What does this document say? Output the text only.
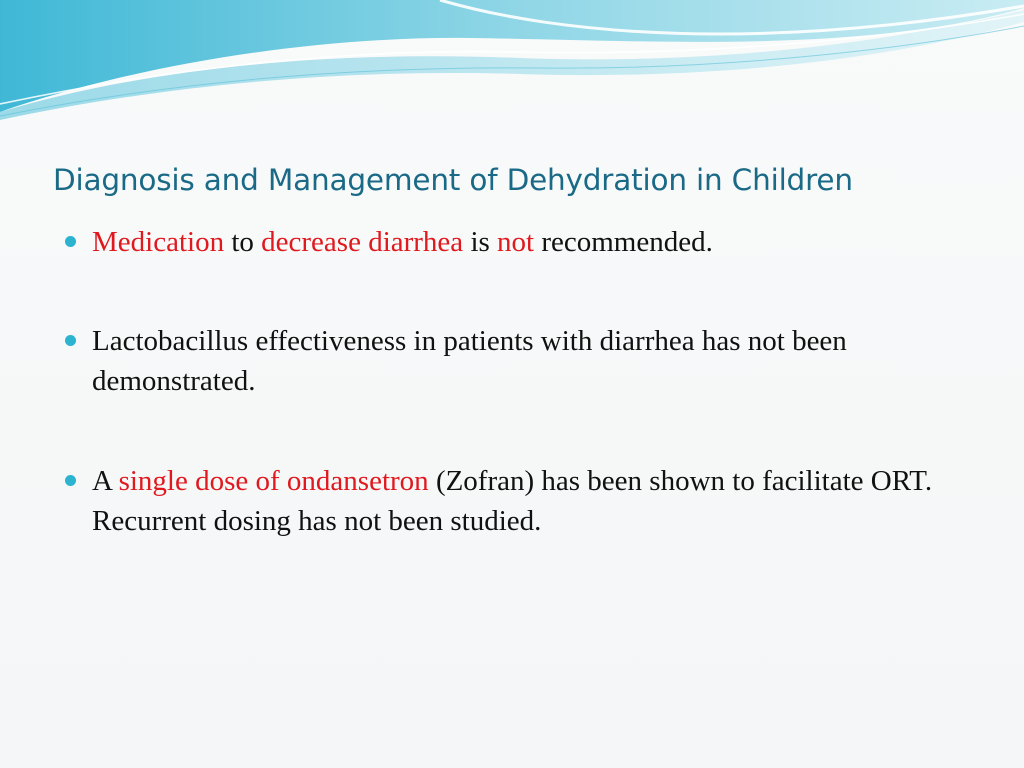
Diagnosis and Management of Dehydration in Children
Medication to decrease diarrhea is not recommended.
Lactobacillus effectiveness in patients with diarrhea has not been demonstrated.
A single dose of ondansetron (Zofran) has been shown to facilitate ORT. Recurrent dosing has not been studied.
